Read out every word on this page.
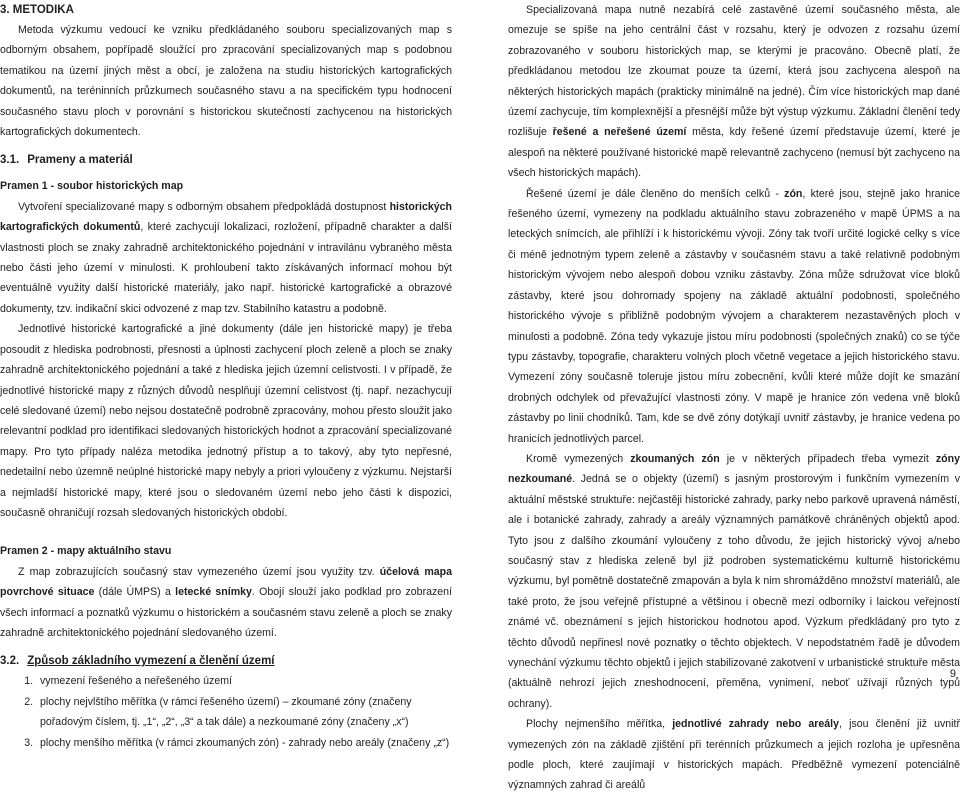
3. METODIKA

Metoda výzkumu vedoucí ke vzniku předkládaného souboru specializovaných map s odborným obsahem, popřípadě sloužící pro zpracování specializovaných map s podobnou tematikou na území jiných měst a obcí, je založena na studiu historických kartografických dokumentů, na teréninních průzkumech současného stavu a na specifickém typu hodnocení současného stavu ploch v porovnání s historickou skutečností zachycenou na historických kartografických dokumentech.

3.1. Prameny a materiál
Pramen 1 - soubor historických map

Vytvoření specializované mapy s odborným obsahem předpokládá dostupnost historických kartografických dokumentů, které zachycují lokalizaci, rozložení, případně charakter a další vlastnosti ploch se znaky zahradně architektonického pojednání v intravilánu vybraného města nebo části jeho území v minulosti. K prohloubení takto získávaných informací mohou být eventuálně využity další historické materiály, jako např. historické kartografické a obrazové dokumenty, tzv. indikační skici odvozené z map tzv. Stabilního katastru a podobně.

Jednotlivé historické kartografické a jiné dokumenty (dále jen historické mapy) je třeba posoudit z hlediska podrobnosti, přesnosti a úplnosti zachycení ploch zeleně a ploch se znaky zahradně architektonického pojednání a také z hlediska jejich územní celistvosti. I v případě, že jednotlivé historické mapy z různých důvodů nesplňují územní celistvost (tj. např. nezachycují celé sledované území) nebo nejsou dostatečně podrobně zpracovány, mohou přesto sloužit jako relevantní podklad pro identifikaci sledovaných historických hodnot a zpracování specializované mapy. Pro tyto případy naléza metodika jednotný přístup a to takový, aby tyto nepřesné, nedetailní nebo územně neúplné historické mapy nebyly a priori vyloučeny z výzkumu. Nejstarší a nejmladší historické mapy, které jsou o sledovaném území nebo jeho části k dispozici, současně ohraničují rozsah sledovaných historických období.

Pramen 2 - mapy aktuálního stavu

Z map zobrazujících současný stav vymezeného území jsou využity tzv. účelová mapa povrchové situace (dále ÚMPS) a letecké snímky. Obojí slouží jako podklad pro zobrazení všech informací a poznatků výzkumu o historickém a současném stavu zeleně a ploch se znaky zahradně architektonického pojednání sledovaného území.

3.2. Způsob základního vymezení a členění území
1. vymezení řešeného a neřešeného území
2. plochy nejvlštího měřítka (v rámci řešeného území) – zkoumané zóny (značeny pořadovým číslem, tj. „1“, „2“, „3“ a tak dále) a nezkoumané zóny (značeny „x“)
3. plochy menšího měřítka (v rámci zkoumaných zón) - zahrady nebo areály (značeny „z“)

Specializovaná mapa nutně nezabírá celé zastavěné území současného města, ale omezuje se spíše na jeho centrální část v rozsahu, který je odvozen z rozsahu území zobrazovaného v souboru historických map, se kterými je pracováno. Obecně platí, že předkládanou metodou lze zkoumat pouze ta území, která jsou zachycena alespoň na některých historických mapách (prakticky minimálně na jedné). Čím více historických map dané území zachycuje, tím komplexnější a přesnější může být výstup výzkumu. Základní členění tedy rozlišuje řešené a neřešené území města, kdy řešené území představuje území, které je alespoň na některé používané historické mapě relevantně zachyceno (nemusí být zachyceno na všech historických mapách).

Řešené území je dále členěno do menších celků - zón, které jsou, stejně jako hranice řešeného území, vymezeny na podkladu aktuálního stavu zobrazeného v mapě ÚPMS a na leteckých snímcích, ale přihlíží i k historickému vývoji. Zóny tak tvoří určité logické celky s více či méně jednotným typem zeleně a zástavby v současném stavu a také relativně podobným historickým vývojem nebo alespoň dobou vzniku zástavby. Zóna může sdružovat více bloků zástavby, které jsou dohromady spojeny na základě aktuální podobnosti, společného historického vývoje s přibližně podobným vývojem a charakterem nezastavěných ploch v minulosti a podobně. Zóna tedy vykazuje jistou míru podobnosti (společných znaků) co se týče typu zástavby, topografie, charakteru volných ploch včetně vegetace a jejich historického stavu. Vymezení zóny současně toleruje jistou míru zobecnění, kvůli které může dojít ke smazání drobných odchylek od převažující vlastnosti zóny. V mapě je hranice zón vedena vně bloků zástavby po linii chodníků. Tam, kde se dvě zóny dotýkají uvnitř zástavby, je hranice vedena po hranicích jednotlivých parcel.

Kromě vymezených zkoumaných zón je v některých případech třeba vymezit zóny nezkoumané. Jedná se o objekty (území) s jasným prostorovým i funkčním vymezením v aktuální městské struktuře: nejčastěji historické zahrady, parky nebo parkově upravená náměstí, ale i botanické zahrady, zahrady a areály významných památkově chráněných objektů apod. Tyto jsou z dalšího zkoumání vyloučeny z toho důvodu, že jejich historický vývoj a/nebo současný stav z hlediska zeleně byl již podroben systematickému kulturně historickému výzkumu, byl pomětně dostatečně zmapován a byla k nim shromážděno množství materiálů, ale také proto, že jsou veřejně přístupné a většinou i obecně mezi odborníky i laickou veřejností známé vč. obeznámení s jejich historickou hodnotou apod. Výzkum předkládaný pro tyto z těchto důvodů nepřinesl nové poznatky o těchto objektech. V nepodstatném řadě je důvodem vynechání výzkumu těchto objektů i jejich stabilizované zakotvení v urbanistické struktuře města (aktuálně nehrozí jejich zneshodnocení, přeměna, vynimení, neboť užívají různých typů ochrany).

Plochy nejmenšího měřítka, jednotlivé zahrady nebo areály, jsou členění již uvnitř vymezených zón na základě zjištění při terénních průzkumech a jejich rozloha je upřesněna podle ploch, které zaujímají v historických mapách. Předběžně vymezení potenciálně významných zahrad či areálů

9
